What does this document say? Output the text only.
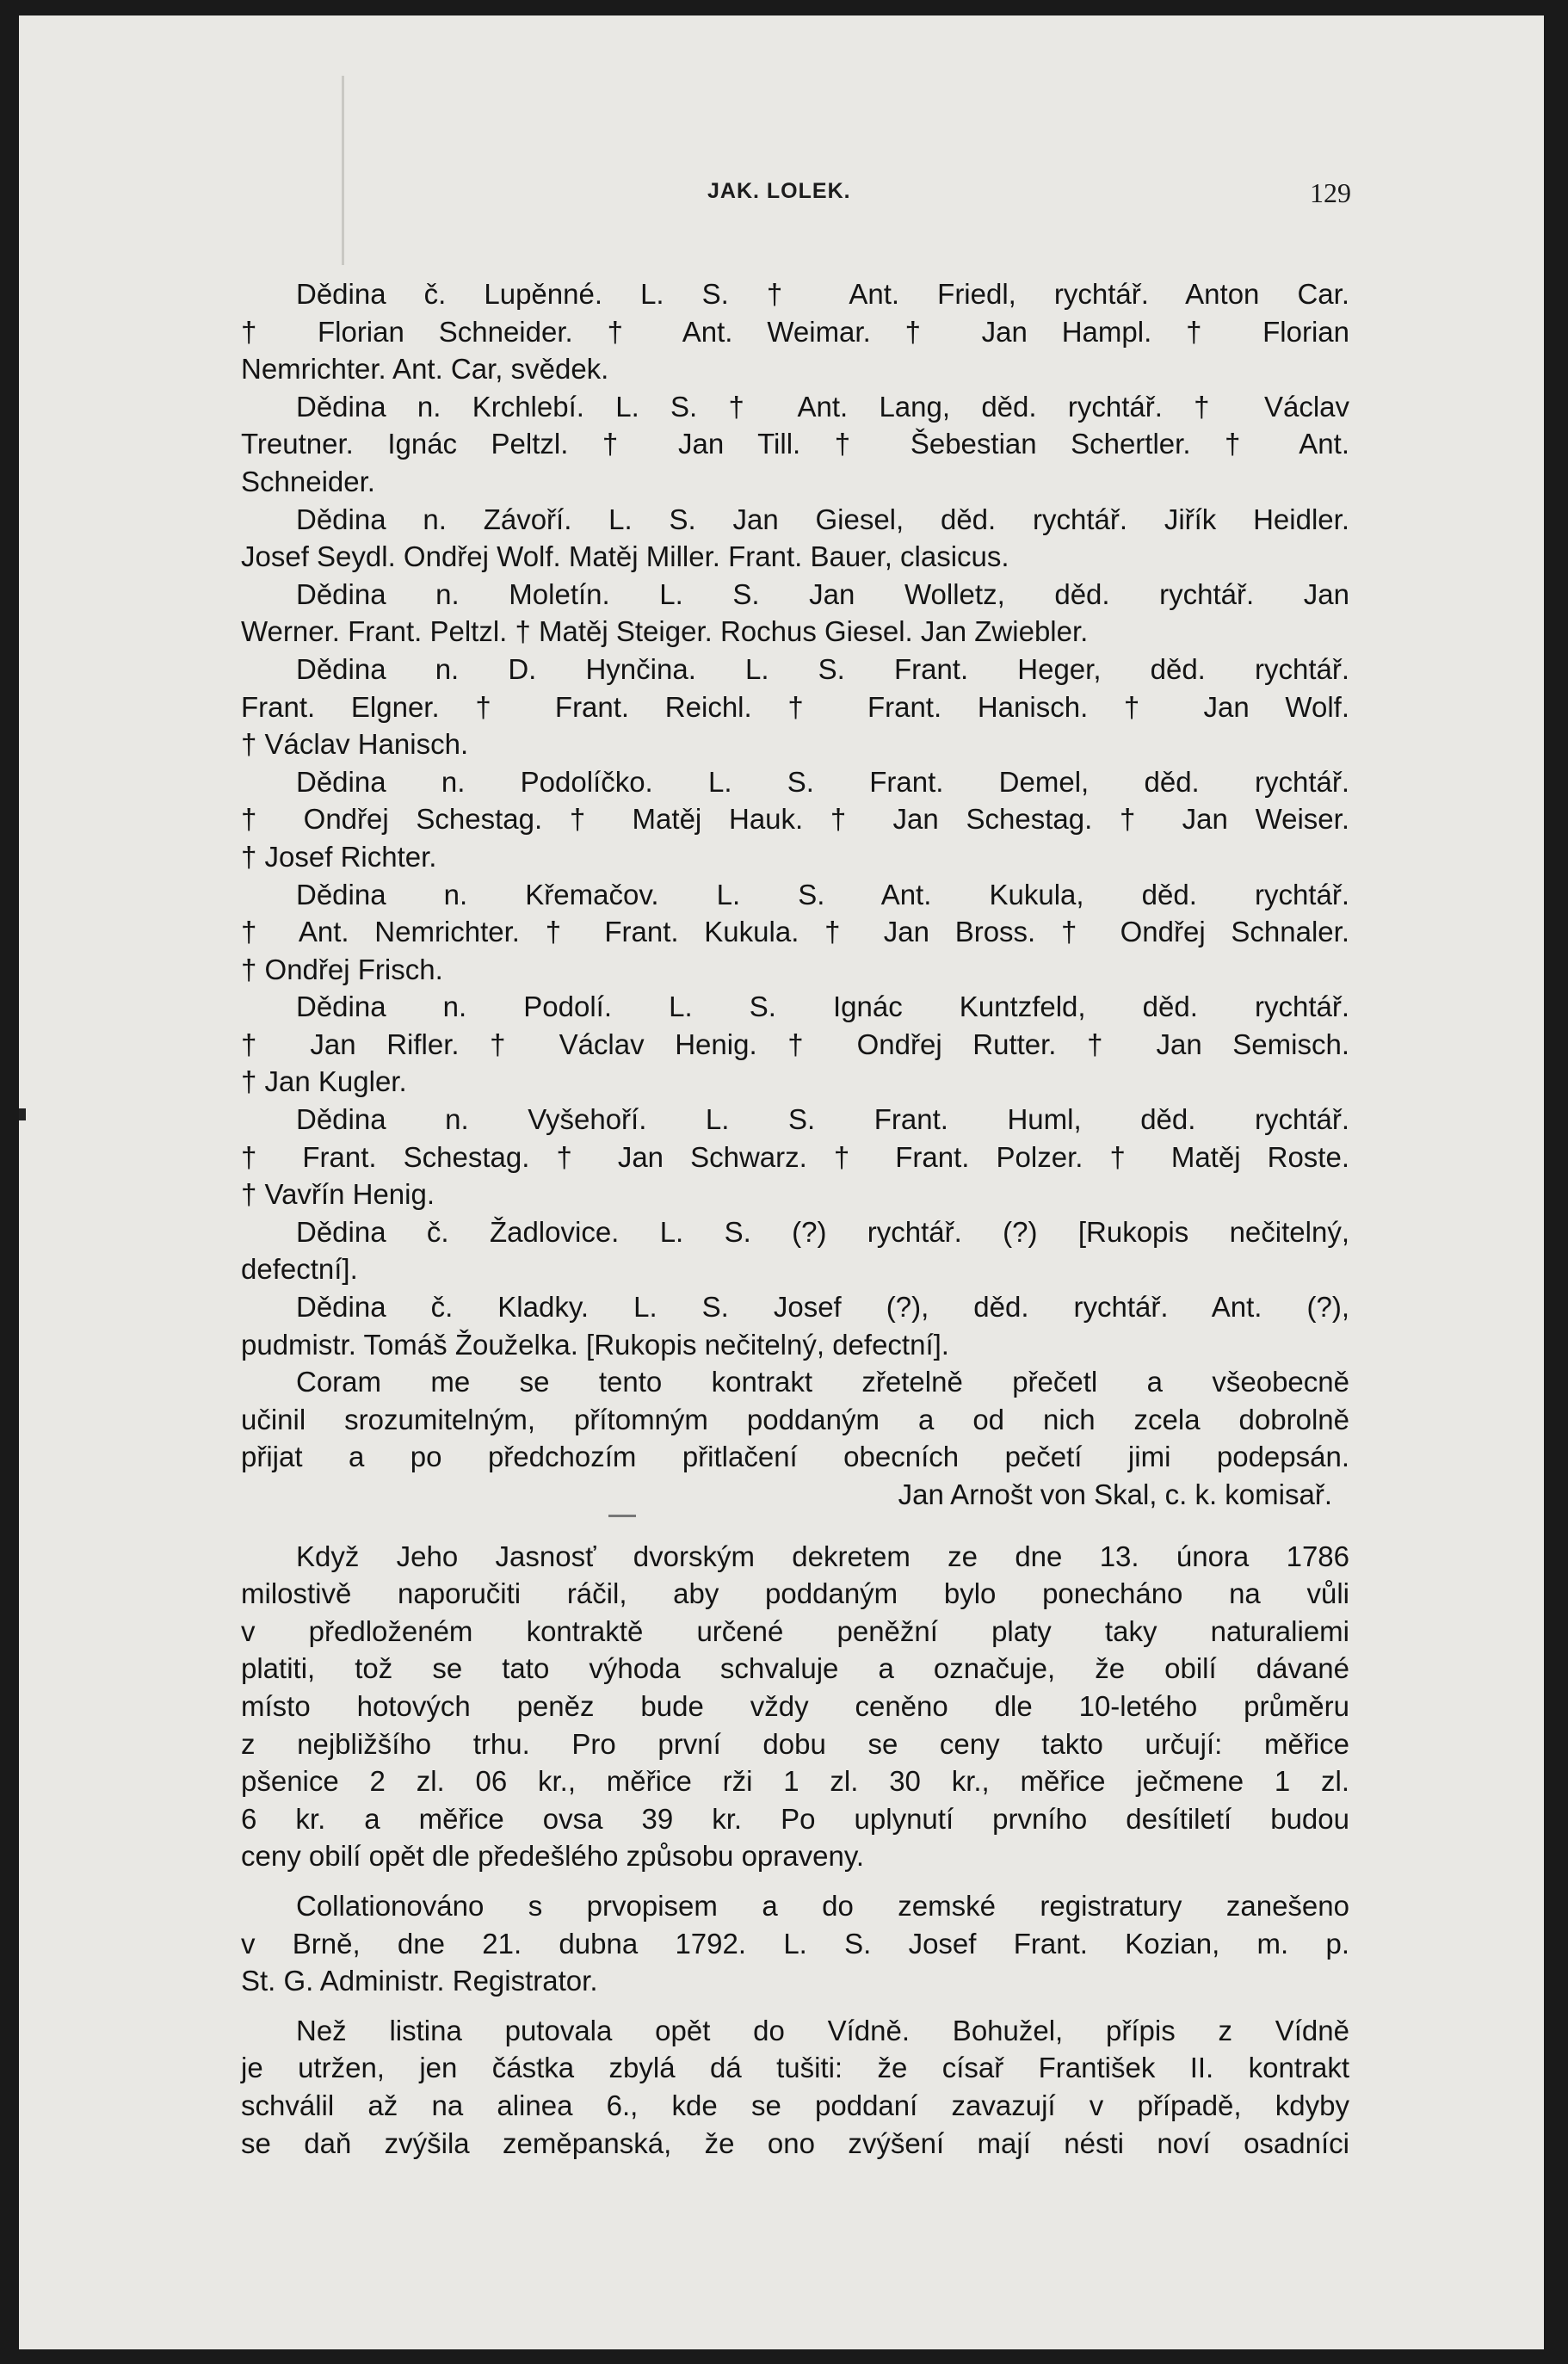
JAK. LOLEK.	129
Dědina č. Lupěnné. L. S. † Ant. Friedl, rychtář. Anton Car.
† Florian Schneider. † Ant. Weimar. † Jan Hampl. † Florian
Nemrichter. Ant. Car, svědek.
Dědina n. Krchlebí. L. S. † Ant. Lang, děd. rychtář. † Václav
Treutner. Ignác Peltzl. † Jan Till. † Šebestian Schertler. † Ant.
Schneider.
Dědina n. Závoří. L. S. Jan Giesel, děd. rychtář. Jiřík Heidler.
Josef Seydl. Ondřej Wolf. Matěj Miller. Frant. Bauer, clasicus.
Dědina n. Moletín. L. S. Jan Wolletz, děd. rychtář. Jan
Werner. Frant. Peltzl. † Matěj Steiger. Rochus Giesel. Jan Zwiebler.
Dědina n. D. Hynčina. L. S. Frant. Heger, děd. rychtář.
Frant. Elgner. † Frant. Reichl. † Frant. Hanisch. † Jan Wolf.
† Václav Hanisch.
Dědina n. Podolíčko. L. S. Frant. Demel, děd. rychtář.
† Ondřej Schestag. † Matěj Hauk. † Jan Schestag. † Jan Weiser.
† Josef Richter.
Dědina n. Křemačov. L. S. Ant. Kukula, děd. rychtář.
† Ant. Nemrichter. † Frant. Kukula. † Jan Bross. † Ondřej Schnaler.
† Ondřej Frisch.
Dědina n. Podolí. L. S. Ignác Kuntzfeld, děd. rychtář.
† Jan Rifler. † Václav Henig. † Ondřej Rutter. † Jan Semisch.
† Jan Kugler.
Dědina n. Vyšehoří. L. S. Frant. Huml, děd. rychtář.
† Frant. Schestag. † Jan Schwarz. † Frant. Polzer. † Matěj Roste.
† Vavřín Henig.
Dědina č. Žadlovice. L. S. (?) rychtář. (?) [Rukopis nečitelný,
defectní].
Dědina č. Kladky. L. S. Josef (?), děd. rychtář. Ant. (?),
pudmistr. Tomáš Žouželka. [Rukopis nečitelný, defectní].
Coram me se tento kontrakt zřetelně přečetl a všeobecně
učinil srozumitelným, přítomným poddaným a od nich zcela dobrolně
přijat a po předchozím přitlačení obecních pečetí jimi podepsán.
Jan Arnošt von Skal, c. k. komisař.
Když Jeho Jasnosť dvorským dekretem ze dne 13. února 1786
milostivě naporučiti ráčil, aby poddaným bylo ponecháno na vůli
v předloženém kontraktě určené peněžní platy taky naturaliemi
platiti, tož se tato výhoda schvaluje a označuje, že obilí dávané
místo hotových peněz bude vždy ceněno dle 10-letého průměru
z nejbližšího trhu. Pro první dobu se ceny takto určují: měřice
pšenice 2 zl. 06 kr., měřice rži 1 zl. 30 kr., měřice ječmene 1 zl.
6 kr. a měřice ovsa 39 kr. Po uplynutí prvního desítiletí budou
ceny obilí opět dle předešlého způsobu opraveny.
Collationováno s prvopisem a do zemské registratury zanešeno
v Brně, dne 21. dubna 1792. L. S. Josef Frant. Kozian, m. p.
St. G. Administr. Registrator.
Než listina putovala opět do Vídně. Bohužel, přípis z Vídně
je utržen, jen částka zbylá dá tušiti: že císař František II. kontrakt
schválil až na alinea 6., kde se poddaní zavazují v případě, kdyby
se daň zvýšila zeměpanská, že ono zvýšení mají nésti noví osadníci
